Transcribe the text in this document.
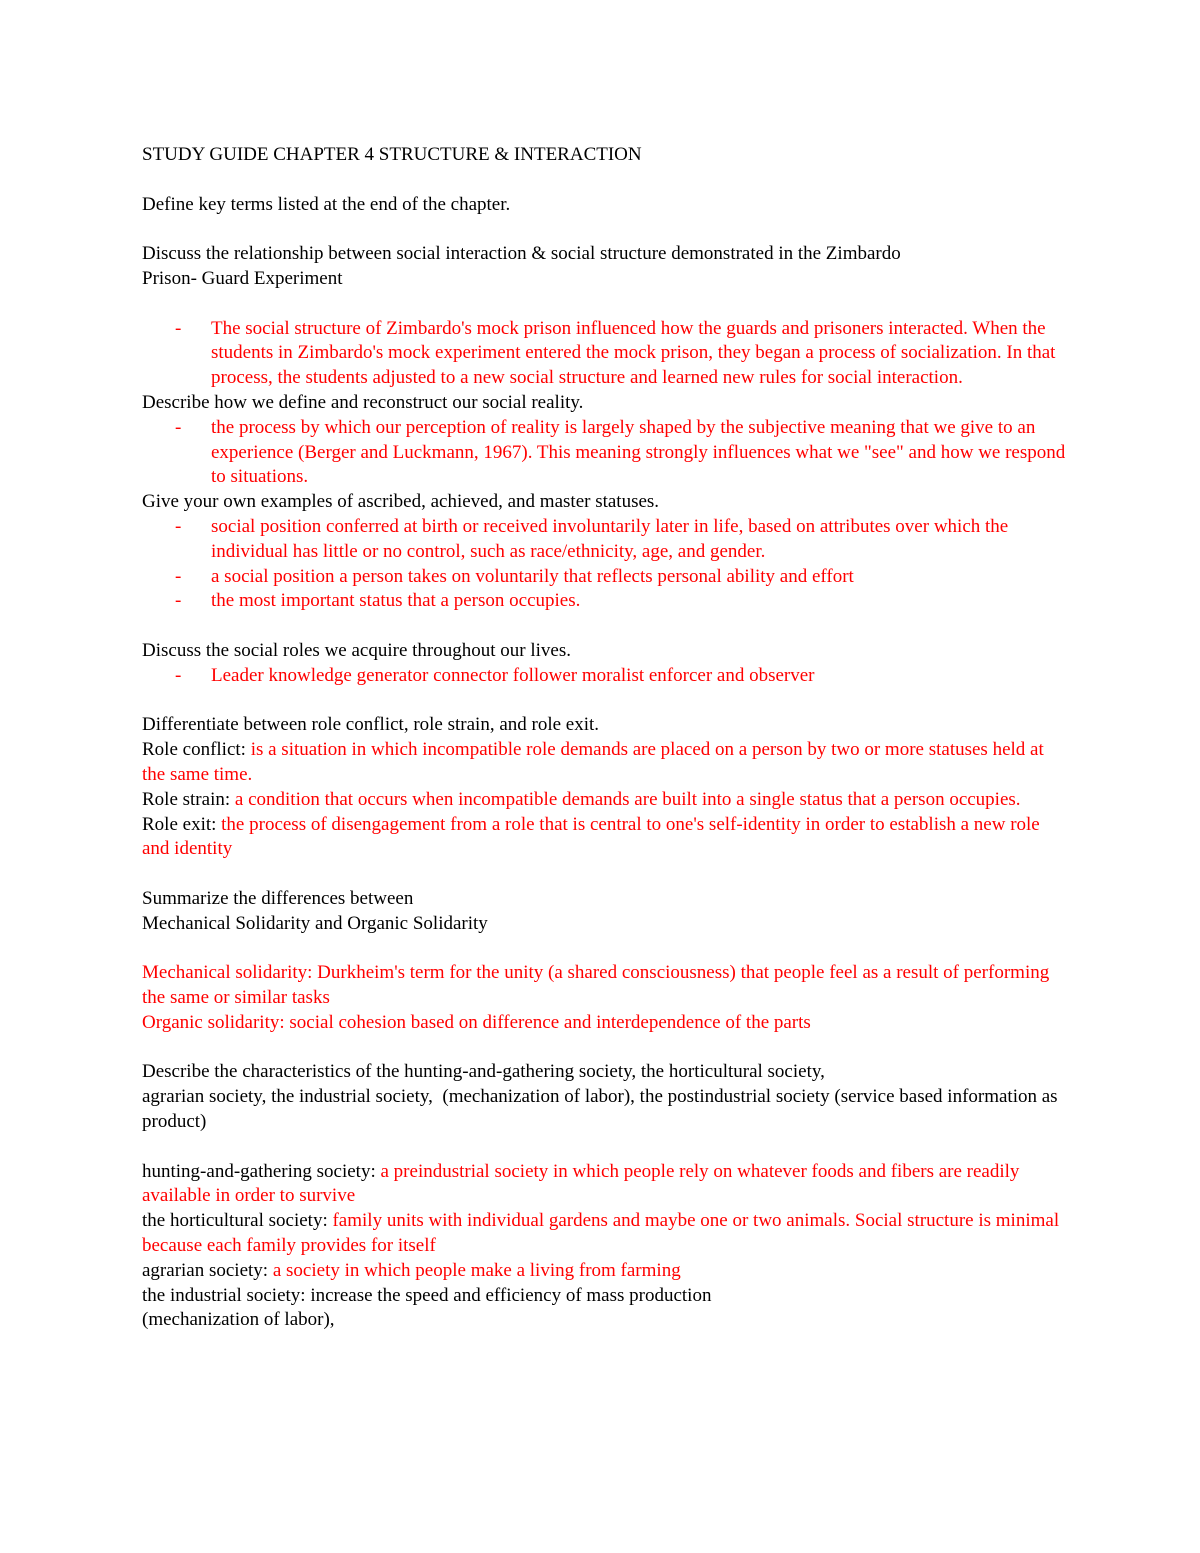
STUDY GUIDE CHAPTER 4 STRUCTURE & INTERACTION
Define key terms listed at the end of the chapter.
Discuss the relationship between social interaction & social structure demonstrated in the Zimbardo
Prison- Guard Experiment
- The social structure of Zimbardo's mock prison influenced how the guards and prisoners interacted. When the students in Zimbardo's mock experiment entered the mock prison, they began a process of socialization. In that process, the students adjusted to a new social structure and learned new rules for social interaction.
Describe how we define and reconstruct our social reality.
- the process by which our perception of reality is largely shaped by the subjective meaning that we give to an experience (Berger and Luckmann, 1967). This meaning strongly influences what we "see" and how we respond to situations.
Give your own examples of ascribed, achieved, and master statuses.
- social position conferred at birth or received involuntarily later in life, based on attributes over which the individual has little or no control, such as race/ethnicity, age, and gender.
- a social position a person takes on voluntarily that reflects personal ability and effort
- the most important status that a person occupies.
Discuss the social roles we acquire throughout our lives.
- Leader knowledge generator connector follower moralist enforcer and observer
Differentiate between role conflict, role strain, and role exit.
Role conflict: is a situation in which incompatible role demands are placed on a person by two or more statuses held at the same time.
Role strain: a condition that occurs when incompatible demands are built into a single status that a person occupies.
Role exit: the process of disengagement from a role that is central to one's self-identity in order to establish a new role and identity
Summarize the differences between
Mechanical Solidarity and Organic Solidarity
Mechanical solidarity: Durkheim's term for the unity (a shared consciousness) that people feel as a result of performing the same or similar tasks
Organic solidarity: social cohesion based on difference and interdependence of the parts
Describe the characteristics of the hunting-and-gathering society, the horticultural society,
agrarian society, the industrial society,  (mechanization of labor), the postindustrial society (service based information as product)
hunting-and-gathering society: a preindustrial society in which people rely on whatever foods and fibers are readily available in order to survive
the horticultural society: family units with individual gardens and maybe one or two animals. Social structure is minimal because each family provides for itself
agrarian society: a society in which people make a living from farming
the industrial society: increase the speed and efficiency of mass production
(mechanization of labor),
